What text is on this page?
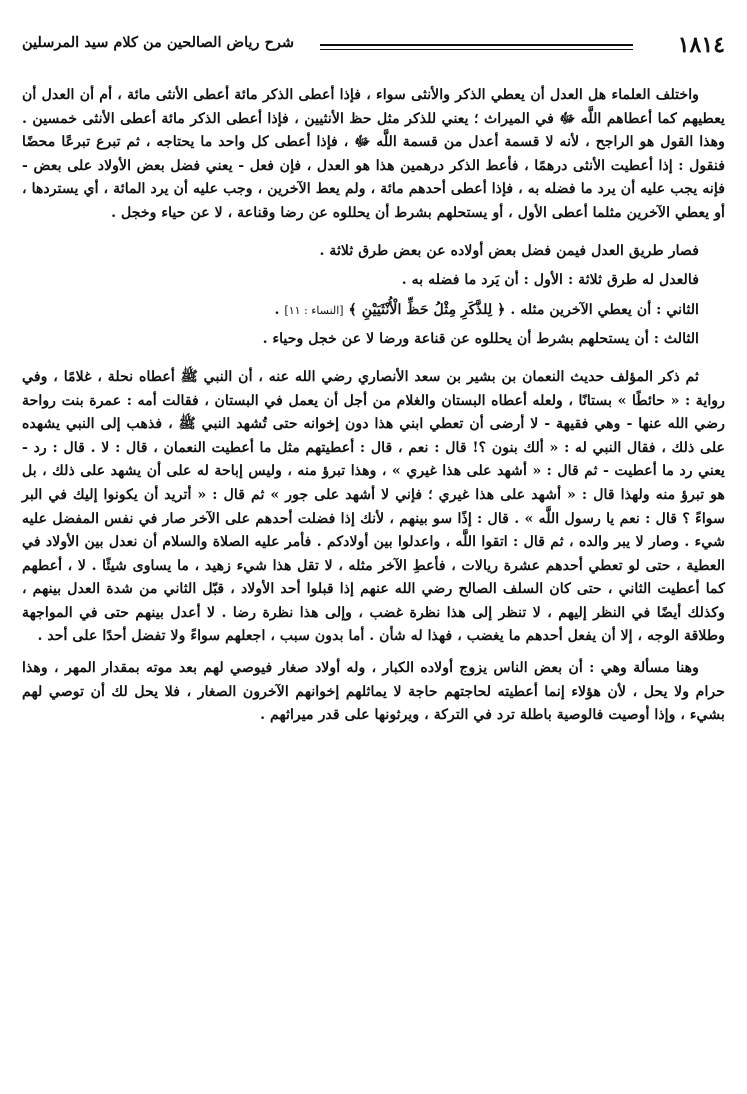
١٨١٤
شرح رياض الصالحين من كلام سيد المرسلين

واختلف العلماء هل العدل أن يعطي الذكر والأنثى سواء ، فإذا أعطى الذكر مائة أعطى الأنثى مائة ، أم أن العدل أن يعطيهم كما أعطاهم اللَّه ﷻ في الميراث ؛ يعني للذكر مثل حظ الأنثيين ، فإذا أعطى الذكر مائة أعطى الأنثى خمسين . وهذا القول هو الراجح ، لأنه لا قسمة أعدل من قسمة اللَّه ﷻ ، فإذا أعطى كل واحد ما يحتاجه ، ثم تبرع تبرعًا محضًا فنقول : إذا أعطيت الأنثى درهمًا ، فأعط الذكر درهمين هذا هو العدل ، فإن فعل - يعني فضل بعض الأولاد على بعض - فإنه يجب عليه أن يرد ما فضله به ، فإذا أعطى أحدهم مائة ، ولم يعط الآخرين ، وجب عليه أن يرد المائة ، أي يستردها ، أو يعطي الآخرين مثلما أعطى الأول ، أو يستحلهم بشرط أن يحللوه عن رضا وقناعة ، لا عن حياء وخجل .

فصار طريق العدل فيمن فضل بعض أولاده عن بعض طرق ثلاثة .

فالعدل له طرق ثلاثة : الأول : أن يَرد ما فضله به .

الثاني : أن يعطي الآخرين مثله . ﴿ لِلذَّكَرِ مِثْلُ حَظِّ الْأُنْثَيَيْنِ ﴾ [النساء : ١١] .

الثالث : أن يستحلهم بشرط أن يحللوه عن قناعة ورضا لا عن خجل وحياء .

ثم ذكر المؤلف حديث النعمان بن بشير بن سعد الأنصاري رضي الله عنه ، أن النبي ﷺ أعطاه نحلة ، غلامًا ، وفي رواية : « حائطًا » بستانًا ، ولعله أعطاه البستان والغلام من أجل أن يعمل في البستان ، فقالت أمه : عمرة بنت رواحة رضي الله عنها - وهي فقيهة - لا أرضى أن تعطي ابني هذا دون إخوانه حتى تُشهد النبي ﷺ ، فذهب إلى النبي يشهده على ذلك ، فقال النبي له : « ألك بنون ؟! قال : نعم ، قال : أعطيتهم مثل ما أعطيت النعمان ، قال : لا . قال : رد - يعني رد ما أعطيت - ثم قال : « أشهد على هذا غيري » ، وهذا تبرؤ منه ، وليس إباحة له على أن يشهد على ذلك ، بل هو تبرؤ منه ولهذا قال : « أشهد على هذا غيري ؛ فإني لا أشهد على جور » ثم قال : « أتريد أن يكونوا إليك في البر سواءً ؟ قال : نعم يا رسول اللَّه » . قال : إذًا سو بينهم ، لأنك إذا فضلت أحدهم على الآخر صار في نفس المفضل عليه شيء . وصار لا يبر والده ، ثم قال : اتقوا اللَّه ، واعدلوا بين أولادكم . فأمر عليه الصلاة والسلام أن نعدل بين الأولاد في العطية ، حتى لو تعطي أحدهم عشرة ريالات ، فأعطِ الآخر مثله ، لا تقل هذا شيء زهيد ، ما يساوى شيئًا . لا ، أعطهم كما أعطيت الثاني ، حتى كان السلف الصالح رضي الله عنهم إذا قبلوا أحد الأولاد ، قبّل الثاني من شدة العدل بينهم ، وكذلك أيضًا في النظر إليهم ، لا تنظر إلى هذا نظرة غضب ، وإلى هذا نظرة رضا . لا أعدل بينهم حتى في المواجهة وطلاقة الوجه ، إلا أن يفعل أحدهم ما يغضب ، فهذا له شأن . أما بدون سبب ، اجعلهم سواءً ولا تفضل أحدًا على أحد .

وهنا مسألة وهي : أن بعض الناس يزوج أولاده الكبار ، وله أولاد صغار فيوصي لهم بعد موته بمقدار المهر ، وهذا حرام ولا يحل ، لأن هؤلاء إنما أعطيته لحاجتهم حاجة لا يماثلهم إخوانهم الآخرون الصغار ، فلا يحل لك أن توصي لهم بشيء ، وإذا أوصيت فالوصية باطلة ترد في التركة ، ويرثونها على قدر ميراثهم .
